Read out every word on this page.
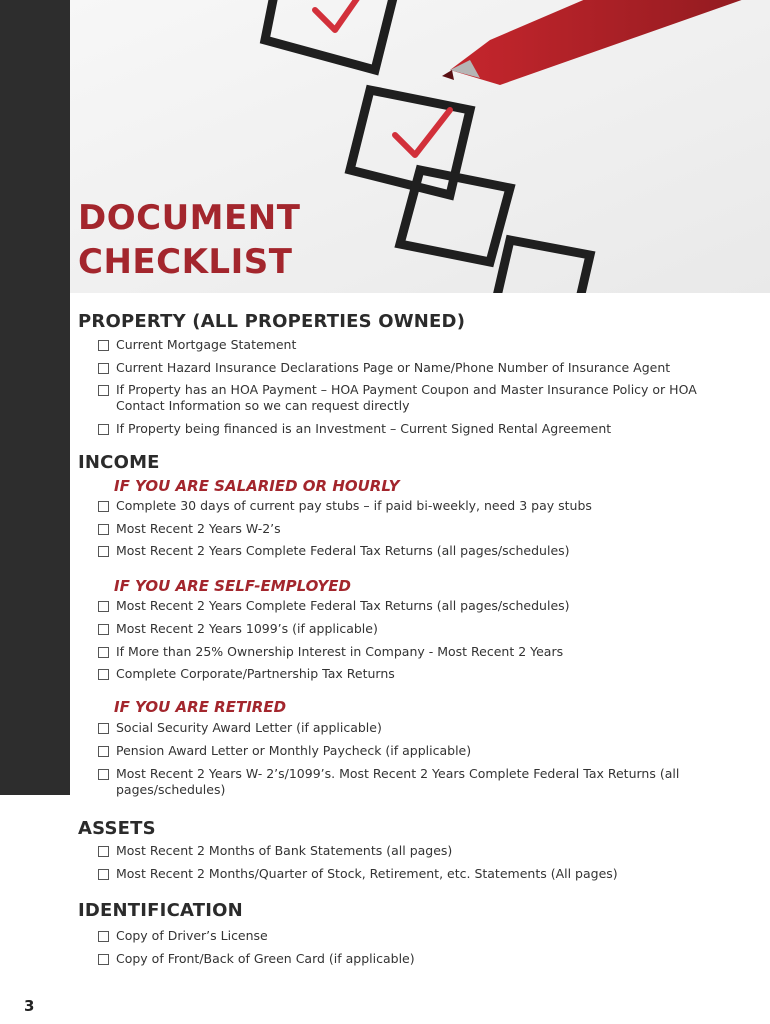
DOCUMENT
CHECKLIST
PROPERTY (ALL PROPERTIES OWNED)
Current Mortgage Statement
Current Hazard Insurance Declarations Page or Name/Phone Number of Insurance Agent
If Property has an HOA Payment – HOA Payment Coupon and Master Insurance Policy or HOA Contact Information so we can request directly
If Property being financed is an Investment – Current Signed Rental Agreement
INCOME
IF YOU ARE SALARIED OR HOURLY
Complete 30 days of current pay stubs – if paid bi-weekly, need 3 pay stubs
Most Recent 2 Years W-2’s
Most Recent 2 Years Complete Federal Tax Returns (all pages/schedules)
IF YOU ARE SELF-EMPLOYED
Most Recent 2 Years Complete Federal Tax Returns (all pages/schedules)
Most Recent 2 Years 1099’s (if applicable)
If More than 25% Ownership Interest in Company - Most Recent 2 Years
Complete Corporate/Partnership Tax Returns
IF YOU ARE RETIRED
Social Security Award Letter (if applicable)
Pension Award Letter or Monthly Paycheck (if applicable)
Most Recent 2 Years W- 2’s/1099’s. Most Recent 2 Years Complete Federal Tax Returns (all pages/schedules)
ASSETS
Most Recent 2 Months of Bank Statements (all pages)
Most Recent 2 Months/Quarter of Stock, Retirement, etc. Statements (All pages)
IDENTIFICATION
Copy of Driver’s License
Copy of Front/Back of Green Card (if applicable)
3
